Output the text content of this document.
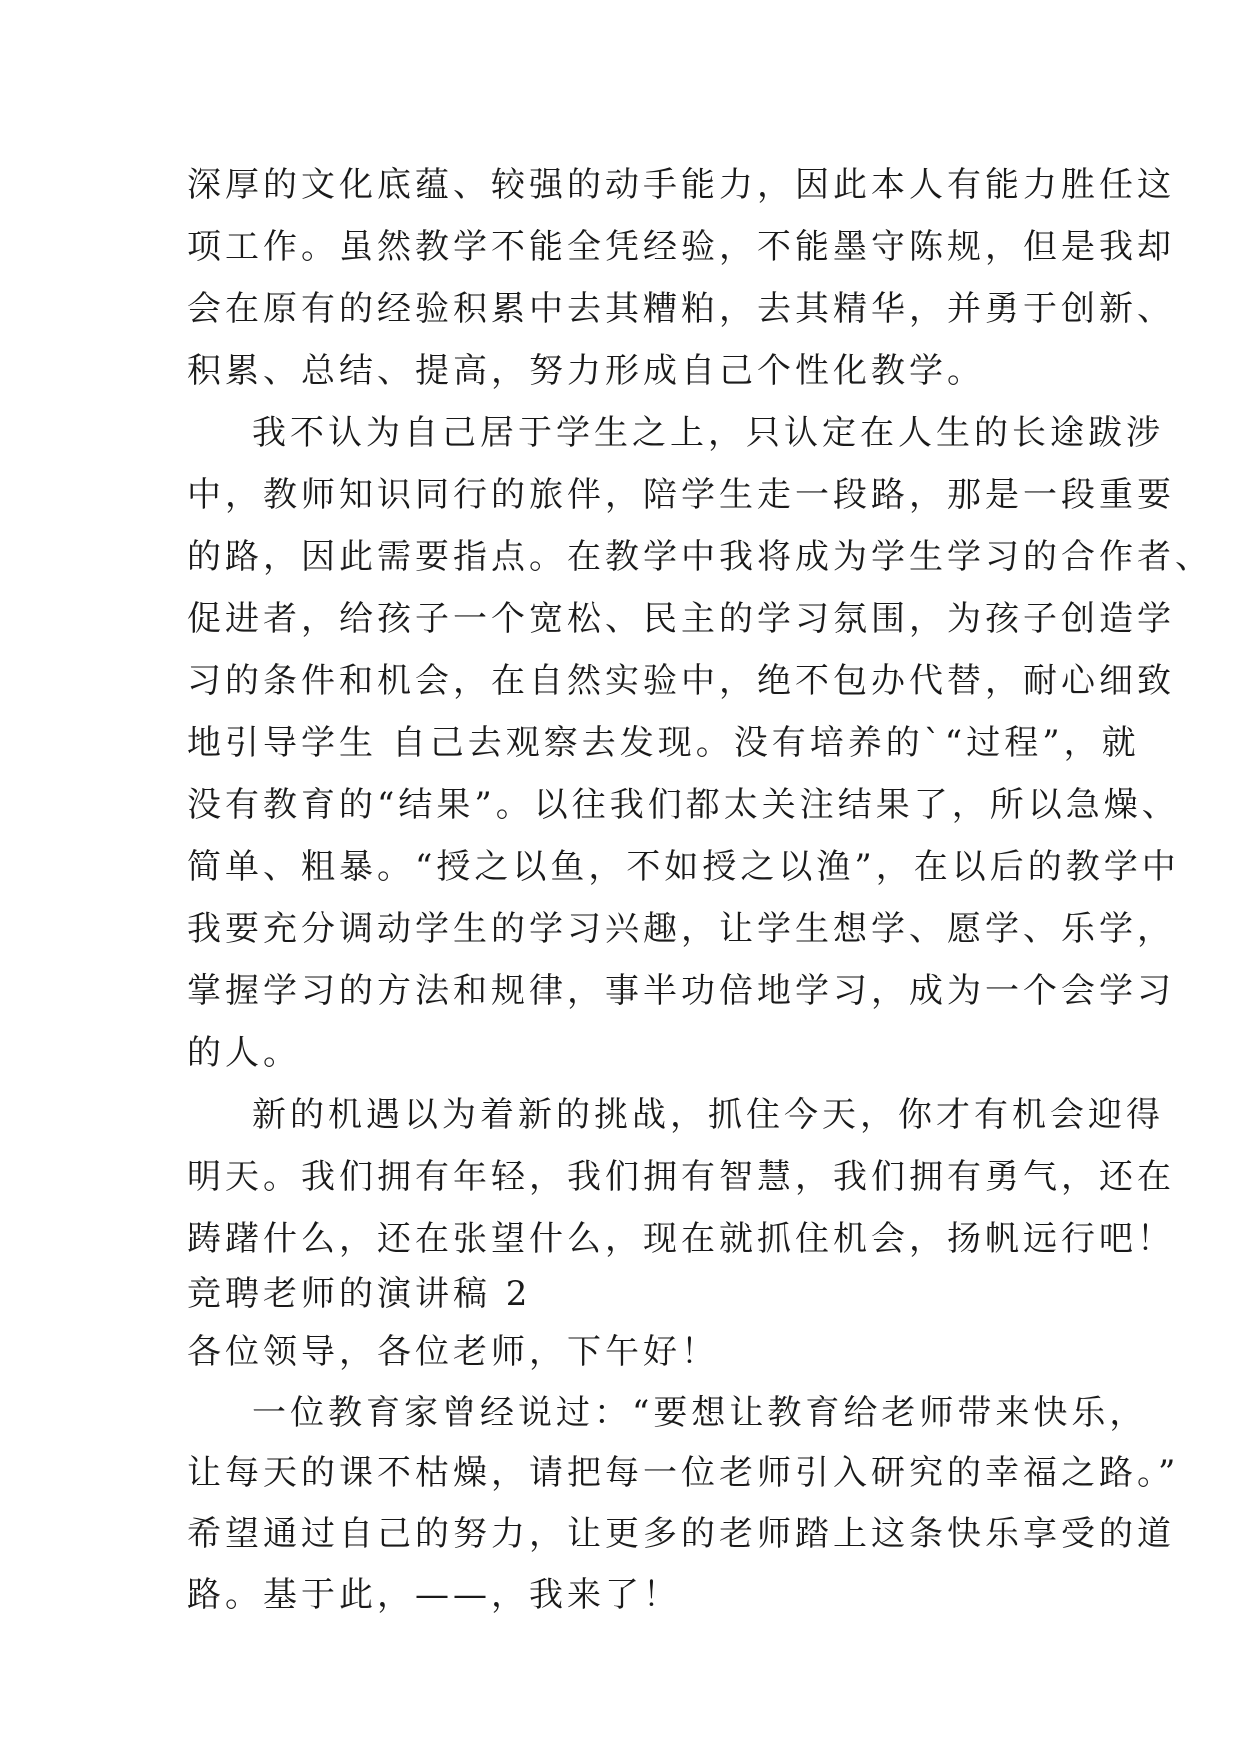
深厚的文化底蕴、较强的动手能力，因此本人有能力胜任这
项工作。虽然教学不能全凭经验，不能墨守陈规，但是我却
会在原有的经验积累中去其糟粕，去其精华，并勇于创新、
积累、总结、提高，努力形成自己个性化教学。
我不认为自己居于学生之上，只认定在人生的长途跋涉
中，教师知识同行的旅伴，陪学生走一段路，那是一段重要
的路，因此需要指点。在教学中我将成为学生学习的合作者、
促进者，给孩子一个宽松、民主的学习氛围，为孩子创造学
习的条件和机会，在自然实验中，绝不包办代替，耐心细致
地引导学生 自己去观察去发现。没有培养的`“过程”，就
没有教育的“结果”。以往我们都太关注结果了，所以急燥、
简单、粗暴。“授之以鱼，不如授之以渔”，在以后的教学中
我要充分调动学生的学习兴趣，让学生想学、愿学、乐学，
掌握学习的方法和规律，事半功倍地学习，成为一个会学习
的人。
新的机遇以为着新的挑战，抓住今天，你才有机会迎得
明天。我们拥有年轻，我们拥有智慧，我们拥有勇气，还在
踌躇什么，还在张望什么，现在就抓住机会，扬帆远行吧！
竞聘老师的演讲稿 2
各位领导，各位老师，下午好！
一位教育家曾经说过：“要想让教育给老师带来快乐，
让每天的课不枯燥，请把每一位老师引入研究的幸福之路。”
希望通过自己的努力，让更多的老师踏上这条快乐享受的道
路。基于此，——，我来了！
